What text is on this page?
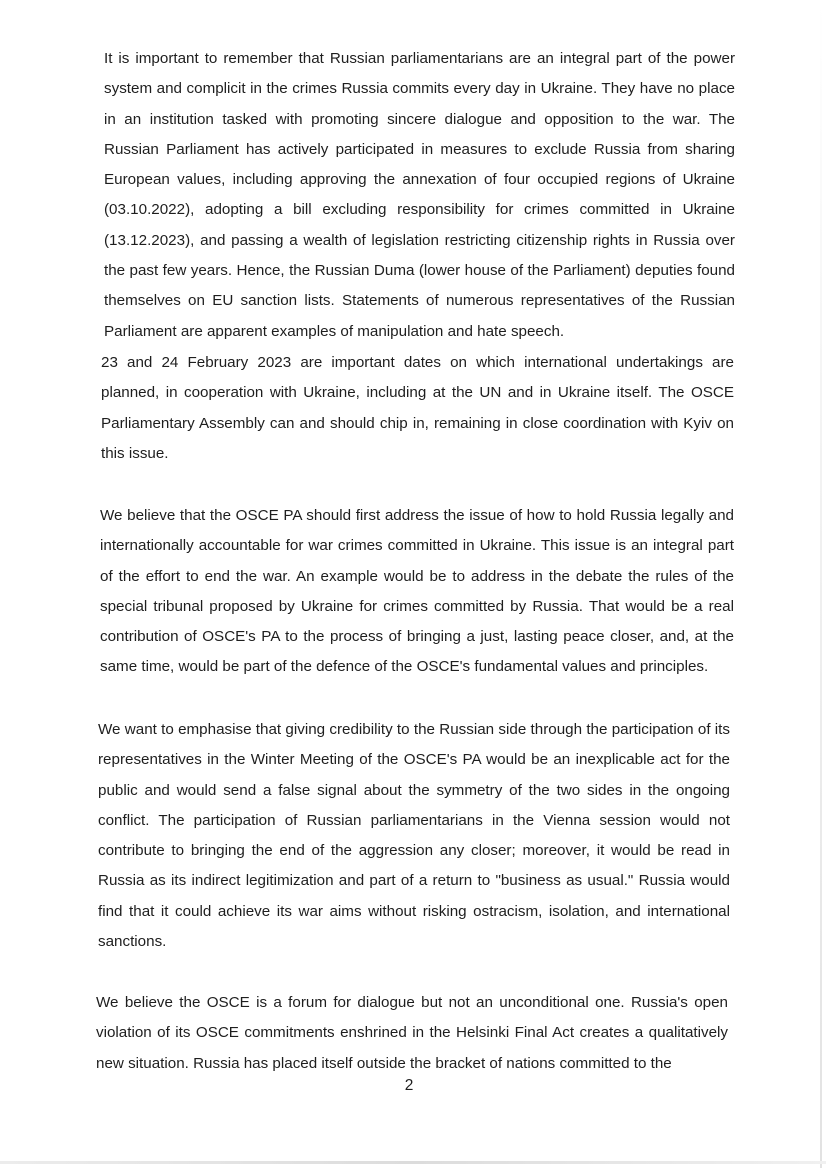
It is important to remember that Russian parliamentarians are an integral part of the power system and complicit in the crimes Russia commits every day in Ukraine. They have no place in an institution tasked with promoting sincere dialogue and opposition to the war. The Russian Parliament has actively participated in measures to exclude Russia from sharing European values, including approving the annexation of four occupied regions of Ukraine (03.10.2022), adopting a bill excluding responsibility for crimes committed in Ukraine (13.12.2023), and passing a wealth of legislation restricting citizenship rights in Russia over the past few years. Hence, the Russian Duma (lower house of the Parliament) deputies found themselves on EU sanction lists. Statements of numerous representatives of the Russian Parliament are apparent examples of manipulation and hate speech.

23 and 24 February 2023 are important dates on which international undertakings are planned, in cooperation with Ukraine, including at the UN and in Ukraine itself. The OSCE Parliamentary Assembly can and should chip in, remaining in close coordination with Kyiv on this issue.

We believe that the OSCE PA should first address the issue of how to hold Russia legally and internationally accountable for war crimes committed in Ukraine. This issue is an integral part of the effort to end the war. An example would be to address in the debate the rules of the special tribunal proposed by Ukraine for crimes committed by Russia. That would be a real contribution of OSCE's PA to the process of bringing a just, lasting peace closer, and, at the same time, would be part of the defence of the OSCE's fundamental values and principles.

We want to emphasise that giving credibility to the Russian side through the participation of its representatives in the Winter Meeting of the OSCE's PA would be an inexplicable act for the public and would send a false signal about the symmetry of the two sides in the ongoing conflict. The participation of Russian parliamentarians in the Vienna session would not contribute to bringing the end of the aggression any closer; moreover, it would be read in Russia as its indirect legitimization and part of a return to "business as usual." Russia would find that it could achieve its war aims without risking ostracism, isolation, and international sanctions.

We believe the OSCE is a forum for dialogue but not an unconditional one. Russia's open violation of its OSCE commitments enshrined in the Helsinki Final Act creates a qualitatively new situation. Russia has placed itself outside the bracket of nations committed to the

2
